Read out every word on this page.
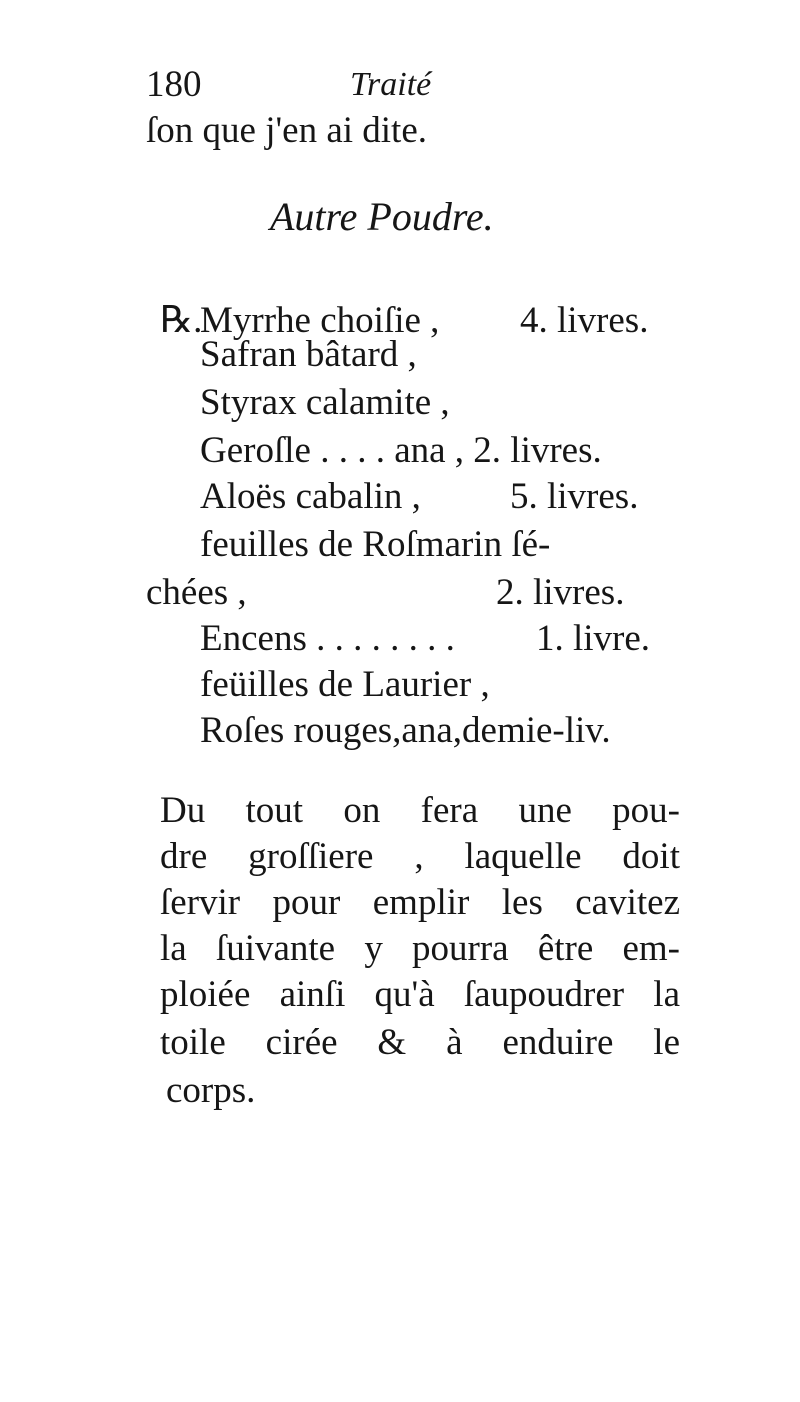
180	Traité
ſon que j'en ai dite.
Autre Poudre.
℞.
Myrrhe choiſie , 4. livres.
Safran bâtard ,
Styrax calamite ,
Geroſle . . . . ana , 2. livres.
Aloës cabalin , 5. livres.
feuilles de Roſmarin ſé-
chées ,	2. livres.
Encens . . . . . . . . 1. livre.
feüilles de Laurier ,
Roſes rouges,ana,demie-liv.
Du tout on fera une pou-
dre groſſiere , laquelle doit
ſervir pour emplir les cavitez
la ſuivante y pourra être em-
ploiée ainſi qu'à ſaupoudrer la
toile cirée & à enduire le
corps.
